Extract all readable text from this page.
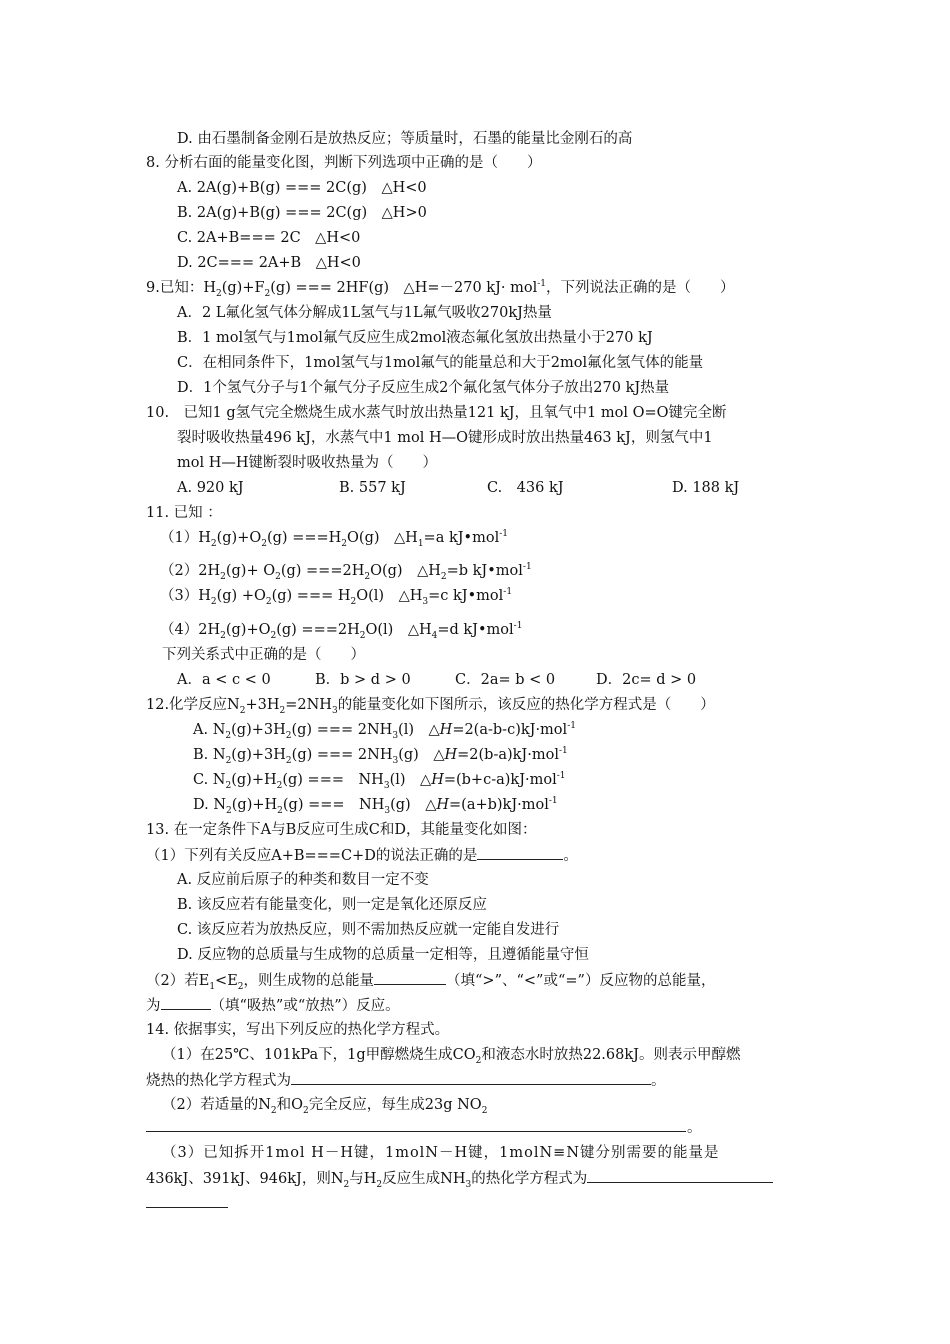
D. 由石墨制备金刚石是放热反应；等质量时，石墨的能量比金刚石的高
8. 分析右面的能量变化图，判断下列选项中正确的是（　　）
A. 2A(g)+B(g) === 2C(g)　△H<0
B. 2A(g)+B(g) === 2C(g)　△H>0
C. 2A+B=== 2C　△H<0
D. 2C=== 2A+B　△H<0
9.已知：$H_2(g)+F_2(g)$ === 2HF(g)　△H=－270 kJ· mol$^{-1}$，下列说法正确的是（　　）
A．2 L氟化氢气体分解成1L氢气与1L氟气吸收270kJ热量
B．1 mol氢气与1mol氟气反应生成2mol液态氟化氢放出热量小于270 kJ
C．在相同条件下，1mol氢气与1mol氟气的能量总和大于2mol氟化氢气体的能量
D．1个氢气分子与1个氟气分子反应生成2个氟化氢气体分子放出270 kJ热量
10.　已知1 g氢气完全燃烧生成水蒸气时放出热量121 kJ，且氧气中1 mol O=O键完全断
裂时吸收热量496 kJ，水蒸气中1 mol H—O键形成时放出热量463 kJ，则氢气中1
mol H—H键断裂时吸收热量为（　　）
A. 920 kJ	B. 557 kJ	C.　436 kJ	D. 188 kJ
11. 已知 ：
$(1)H_2(g)+O_2(g) ===H_2O(g)$　$\triangle H_1=a$ kJ•mol$^{-1}$
$(2)2H_2(g)+ O_2(g) ===2H_2O(g)$　$\triangle H_2=b$ kJ•mol$^{-1}$
$(3)H_2(g) +O_2(g)$ === $H_2O(l)$　$\triangle H_3=c$ kJ•mol$^{-1}$
$(4)2H_2(g)+O_2(g) ===2H_2O(l)$　$\triangle H_4=d$ kJ•mol$^{-1}$
下列关系式中正确的是（　　）
A．a < c < 0	B．b > d > 0	C．2a= b < 0	D．2c= d > 0
12.化学反应$N_2+3H_2=2NH_3$的能量变化如下图所示，该反应的热化学方程式是（　　）
A. $N_2(g)+3H_2(g)$ === $2NH_3(l)$　△H=2(a-b-c)kJ·mol$^{-1}$
B. $N_2(g)+3H_2(g)$ === $2NH_3(g)$　△H=2(b-a)kJ·mol$^{-1}$
C. $N_2(g)+H_2(g)$ ===　$NH_3(l)$　△H=(b+c-a)kJ·mol$^{-1}$
D. $N_2(g)+H_2(g)$ ===　$NH_3(g)$　△H=(a+b)kJ·mol$^{-1}$
13. 在一定条件下A与B反应可生成C和D，其能量变化如图：
（1）下列有关反应A+B===C+D的说法正确的是	。
A. 反应前后原子的种类和数目一定不变
B. 该反应若有能量变化，则一定是氧化还原反应
C. 该反应若为放热反应，则不需加热反应就一定能自发进行
D. 反应物的总质量与生成物的总质量一定相等，且遵循能量守恒
（2）若$E_1<E_2$，则生成物的总能量	（填“>”、“<”或“=”）反应物的总能量，
为	（填“吸热”或“放热”）反应。
14. 依据事实，写出下列反应的热化学方程式。
（1）在25℃、101kPa下，1g甲醇燃烧生成$CO_2$和液态水时放热22.68kJ。则表示甲醇燃
烧热的热化学方程式为	。
（2）若适量的$N_2$和$O_2$完全反应，每生成23g $NO_2$
。
（3）已知拆开1mol H－H键，1molN－H键，1molN≡N键分别需要的能量是
436kJ、391kJ、946kJ，则$N_2$与$H_2$反应生成$NH_3$的热化学方程式为
